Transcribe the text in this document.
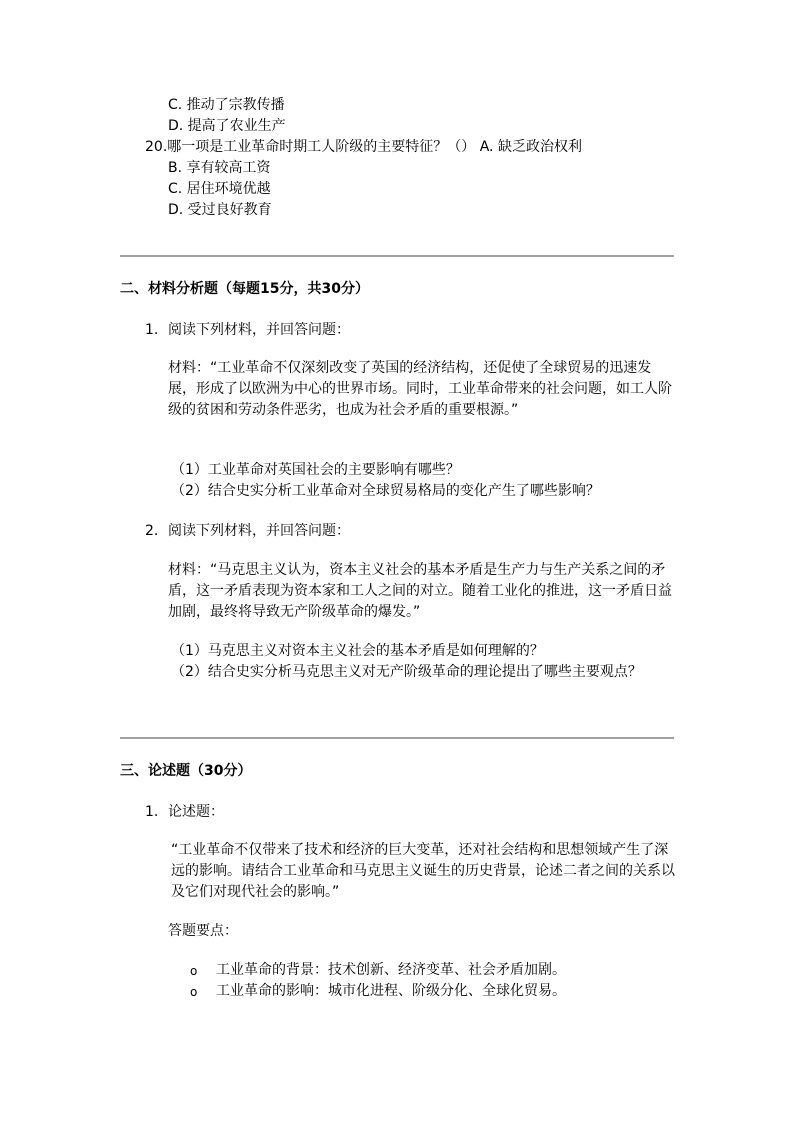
C. 推动了宗教传播
D. 提高了农业生产
20.哪一项是工业革命时期工人阶级的主要特征？（） A. 缺乏政治权利
B. 享有较高工资
C. 居住环境优越
D. 受过良好教育
二、材料分析题（每题15分，共30分）
1. 阅读下列材料，并回答问题：
材料：“工业革命不仅深刻改变了英国的经济结构，还促使了全球贸易的迅速发展，形成了以欧洲为中心的世界市场。同时，工业革命带来的社会问题，如工人阶级的贫困和劳动条件恶劣，也成为社会矛盾的重要根源。”
（1）工业革命对英国社会的主要影响有哪些？
（2）结合史实分析工业革命对全球贸易格局的变化产生了哪些影响？
2. 阅读下列材料，并回答问题：
材料：“马克思主义认为，资本主义社会的基本矛盾是生产力与生产关系之间的矛盾，这一矛盾表现为资本家和工人之间的对立。随着工业化的推进，这一矛盾日益加剧，最终将导致无产阶级革命的爆发。”
（1）马克思主义对资本主义社会的基本矛盾是如何理解的？
（2）结合史实分析马克思主义对无产阶级革命的理论提出了哪些主要观点？
三、论述题（30分）
1. 论述题：
“工业革命不仅带来了技术和经济的巨大变革，还对社会结构和思想领域产生了深远的影响。请结合工业革命和马克思主义诞生的历史背景，论述二者之间的关系以及它们对现代社会的影响。”
答题要点：
o 工业革命的背景：技术创新、经济变革、社会矛盾加剧。
o 工业革命的影响：城市化进程、阶级分化、全球化贸易。
